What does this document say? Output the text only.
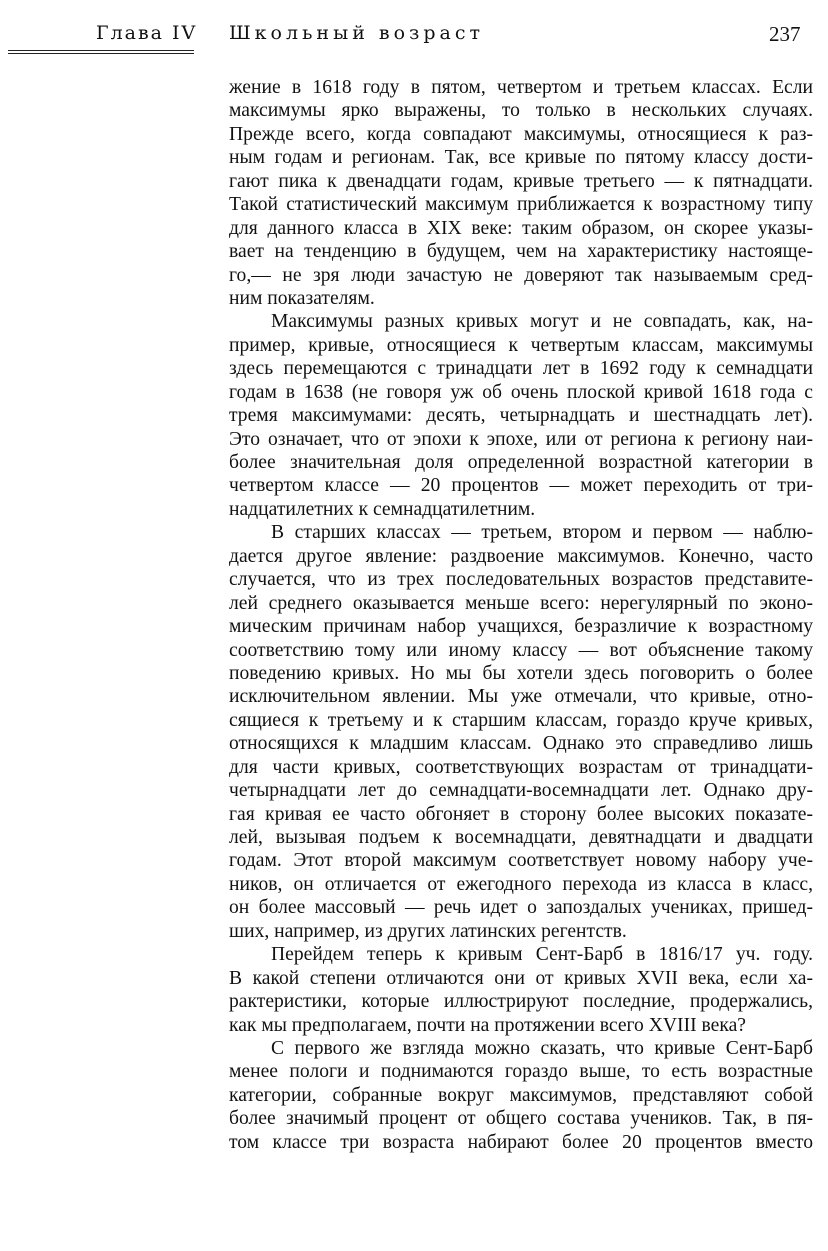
Глава IV Школьный возраст	237
жение в 1618 году в пятом, четвертом и третьем классах. Если
максимумы ярко выражены, то только в нескольких случаях.
Прежде всего, когда совпадают максимумы, относящиеся к раз-
ным годам и регионам. Так, все кривые по пятому классу дости-
гают пика к двенадцати годам, кривые третьего — к пятнадцати.
Такой статистический максимум приближается к возрастному типу
для данного класса в XIX веке: таким образом, он скорее указы-
вает на тенденцию в будущем, чем на характеристику настояще-
го,— не зря люди зачастую не доверяют так называемым сред-
ним показателям.
Максимумы разных кривых могут и не совпадать, как, на-
пример, кривые, относящиеся к четвертым классам, максимумы
здесь перемещаются с тринадцати лет в 1692 году к семнадцати
годам в 1638 (не говоря уж об очень плоской кривой 1618 года с
тремя максимумами: десять, четырнадцать и шестнадцать лет).
Это означает, что от эпохи к эпохе, или от региона к региону наи-
более значительная доля определенной возрастной категории в
четвертом классе — 20 процентов — может переходить от три-
надцатилетних к семнадцатилетним.
В старших классах — третьем, втором и первом — наблю-
дается другое явление: раздвоение максимумов. Конечно, часто
случается, что из трех последовательных возрастов представите-
лей среднего оказывается меньше всего: нерегулярный по эконо-
мическим причинам набор учащихся, безразличие к возрастному
соответствию тому или иному классу — вот объяснение такому
поведению кривых. Но мы бы хотели здесь поговорить о более
исключительном явлении. Мы уже отмечали, что кривые, отно-
сящиеся к третьему и к старшим классам, гораздо круче кривых,
относящихся к младшим классам. Однако это справедливо лишь
для части кривых, соответствующих возрастам от тринадцати-
четырнадцати лет до семнадцати-восемнадцати лет. Однако дру-
гая кривая ее часто обгоняет в сторону более высоких показате-
лей, вызывая подъем к восемнадцати, девятнадцати и двадцати
годам. Этот второй максимум соответствует новому набору уче-
ников, он отличается от ежегодного перехода из класса в класс,
он более массовый — речь идет о запоздалых учениках, пришед-
ших, например, из других латинских регентств.
Перейдем теперь к кривым Сент-Барб в 1816/17 уч. году.
В какой степени отличаются они от кривых XVII века, если ха-
рактеристики, которые иллюстрируют последние, продержались,
как мы предполагаем, почти на протяжении всего XVIII века?
С первого же взгляда можно сказать, что кривые Сент-Барб
менее пологи и поднимаются гораздо выше, то есть возрастные
категории, собранные вокруг максимумов, представляют собой
более значимый процент от общего состава учеников. Так, в пя-
том классе три возраста набирают более 20 процентов вместо
